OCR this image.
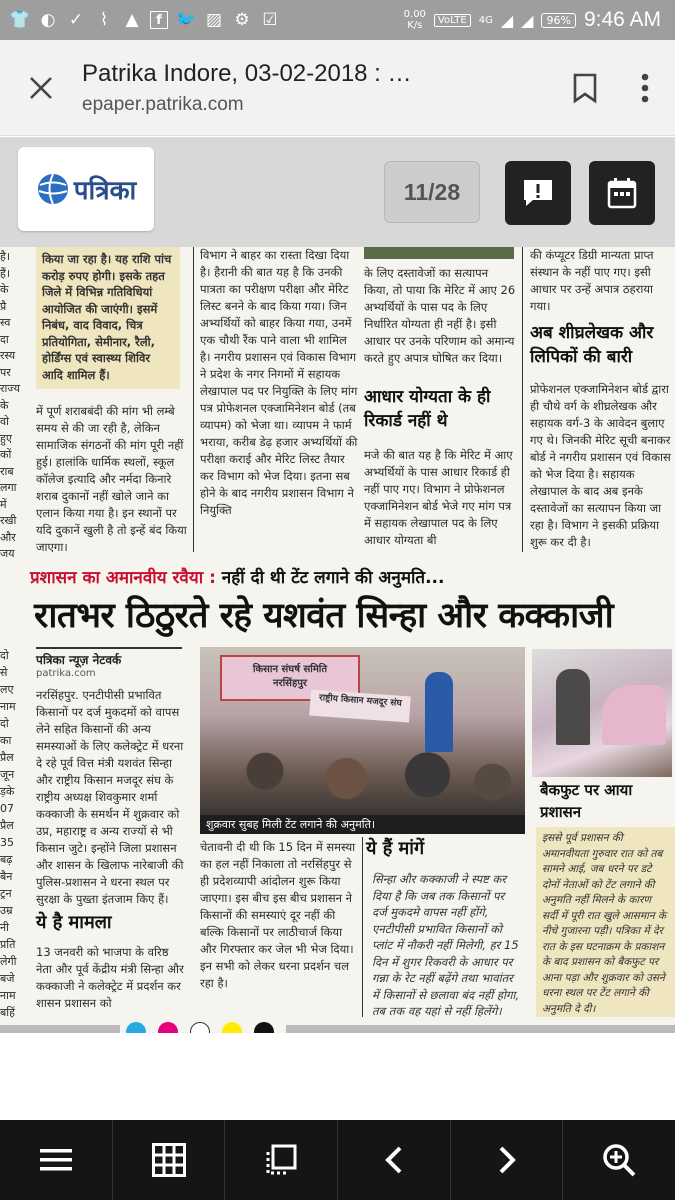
👕 ◐ ✓ ⌇	▲	f 🐦 ▨ ⚙ ☑	0.00
K/s	VoLTE	4G ◢ ◢	96% 9:46 AM
Patrika Indore, 03-02-2018 : …
epaper.patrika.com
पत्रिका	11/28
है। हैं। के प्रै स्व दा रस्य पर राज्य के वो हुए कों राब लगा में रखी और जय
दो से लए नाम दो का प्रैल जून ड़के 07 प्रैल 35 बढ़ बैन ट्रन उम्र नी प्रति लेगी बजे नाम बहिं
किया जा रहा है। यह राशि पांच करोड़ रुपए होगी। इसके तहत जिले में विभिन्न गतिविधियां आयोजित की जाएंगी। इसमें निबंध, वाद विवाद, चित्र प्रतियोगिता, सेमीनार, रैली, होर्डिंग्स एवं स्वास्थ्य शिविर आदि शामिल हैं।
में पूर्ण शराबबंदी की मांग भी लम्बे समय से की जा रही है, लेकिन सामाजिक संगठनों की मांग पूरी नहीं हुई। हालांकि धार्मिक स्थलों, स्कूल कॉलेज इत्यादि और नर्मदा किनारे शराब दुकानों नहीं खोले जाने का एलान किया गया है। इन स्थानों पर यदि दुकानें खुली है तो इन्हें बंद किया जाएगा।
विभाग ने बाहर का रास्ता दिखा दिया है। हैरानी की बात यह है कि उनकी पात्रता का परीक्षण परीक्षा और मेरिट लिस्ट बनने के बाद किया गया। जिन अभ्यर्थियों को बाहर किया गया, उनमें एक चौथी रैंक पाने वाला भी शामिल है। नगरीय प्रशासन एवं विकास विभाग ने प्रदेश के नगर निगमों में सहायक लेखापाल पद पर नियुक्ति के लिए मांग पत्र प्रोफेशनल एक्जामिनेशन बोर्ड (तब व्यापम) को भेजा था। व्यापम ने फार्म भराया, करीब डेढ़ हजार अभ्यर्थियों की परीक्षा कराई और मेरिट लिस्ट तैयार कर विभाग को भेज दिया। इतना सब होने के बाद नगरीय प्रशासन विभाग ने नियुक्ति
के लिए दस्तावेजों का सत्यापन किया, तो पाया कि मेरिट में आए 26 अभ्यर्थियों के पास पद के लिए निर्धारित योग्यता ही नहीं है। इसी आधार पर उनके परिणाम को अमान्य करते हुए अपात्र घोषित कर दिया।
आधार योग्यता के ही रिकार्ड नहीं थे
मजे की बात यह है कि मेरिट में आए अभ्यर्थियों के पास आधार रिकार्ड ही नहीं पाए गए। विभाग ने प्रोफेशनल एक्जामिनेशन बोर्ड भेजे गए मांग पत्र में सहायक लेखापाल पद के लिए आधार योग्यता बी
की कंप्यूटर डिग्री मान्यता प्राप्त संस्थान के नहीं पाए गए। इसी आधार पर उन्हें अपात्र ठहराया गया।
अब शीघ्रलेखक और लिपिकों की बारी
प्रोफेशनल एक्जामिनेशन बोर्ड द्वारा ही चौथे वर्ग के शीघ्रलेखक और सहायक वर्ग-3 के आवेदन बुलाए गए थे। जिनकी मेरिट सूची बनाकर बोर्ड ने नगरीय प्रशासन एवं विकास को भेज दिया है। सहायक लेखापाल के बाद अब इनके दस्तावेजों का सत्यापन किया जा रहा है। विभाग ने इसकी प्रक्रिया शुरू कर दी है।
प्रशासन का अमानवीय रवैया : नहीं दी थी टेंट लगाने की अनुमति...
रातभर ठिठुरते रहे यशवंत सिन्हा और कक्काजी
पत्रिका न्यूज़ नेटवर्क
patrika.com
नरसिंहपुर. एनटीपीसी प्रभावित किसानों पर दर्ज मुकदमों को वापस लेने सहित किसानों की अन्य समस्याओं के लिए कलेक्ट्रेट में धरना दे रहे पूर्व वित्त मंत्री यशवंत सिन्हा और राष्ट्रीय किसान मजदूर संघ के राष्ट्रीय अध्यक्ष शिवकुमार शर्मा कक्काजी के समर्थन में शुक्रवार को उप्र, महाराष्ट्र व अन्य राज्यों से भी किसान जुटे। इन्होंने जिला प्रशासन और शासन के खिलाफ नारेबाजी की पुलिस-प्रशासन ने धरना स्थल पर सुरक्षा के पुख्ता इंतजाम किए हैं।
ये है मामला
13 जनवरी को भाजपा के वरिष्ठ नेता और पूर्व केंद्रीय मंत्री सिन्हा और कक्काजी ने कलेक्ट्रेट में प्रदर्शन कर शासन प्रशासन को
किसान संघर्ष समिति
नरसिंहपुर
राष्ट्रीय किसान मजदूर संघ
शुक्रवार सुबह मिली टेंट लगाने की अनुमति।
चेतावनी दी थी कि 15 दिन में समस्या का हल नहीं निकाला तो नरसिंहपुर से ही प्रदेशव्यापी आंदोलन शुरू किया जाएगा। इस बीच इस बीच प्रशासन ने किसानों की समस्याएं दूर नहीं की बल्कि किसानों पर लाठीचार्ज किया और गिरफ्तार कर जेल भी भेज दिया। इन सभी को लेकर धरना प्रदर्शन चल रहा है।
ये हैं मांगें
सिन्हा और कक्काजी ने स्पष्ट कर दिया है कि जब तक किसानों पर दर्ज मुकदमे वापस नहीं होंगे, एनटीपीसी प्रभावित किसानों को प्लांट में नौकरी नहीं मिलेगी, हर 15 दिन में शुगर रिकवरी के आधार पर गन्ना के रेट नहीं बढ़ेंगे तथा भावांतर में किसानों से छलावा बंद नहीं होगा, तब तक वह यहां से नहीं हिलेंगे।
बैकफुट पर आया प्रशासन
इससे पूर्व प्रशासन की अमानवीयता गुरुवार रात को तब सामने आई, जब धरने पर डटे दोनों नेताओं को टेंट लगाने की अनुमति नहीं मिलने के कारण सर्दी में पूरी रात खुले आसमान के नीचे गुजारना पड़ी। पत्रिका में देर रात के इस घटनाक्रम के प्रकाशन के बाद प्रशासन को बैकफुट पर आना पड़ा और शुक्रवार को उसने धरना स्थल पर टेंट लगाने की अनुमति दे दी।
